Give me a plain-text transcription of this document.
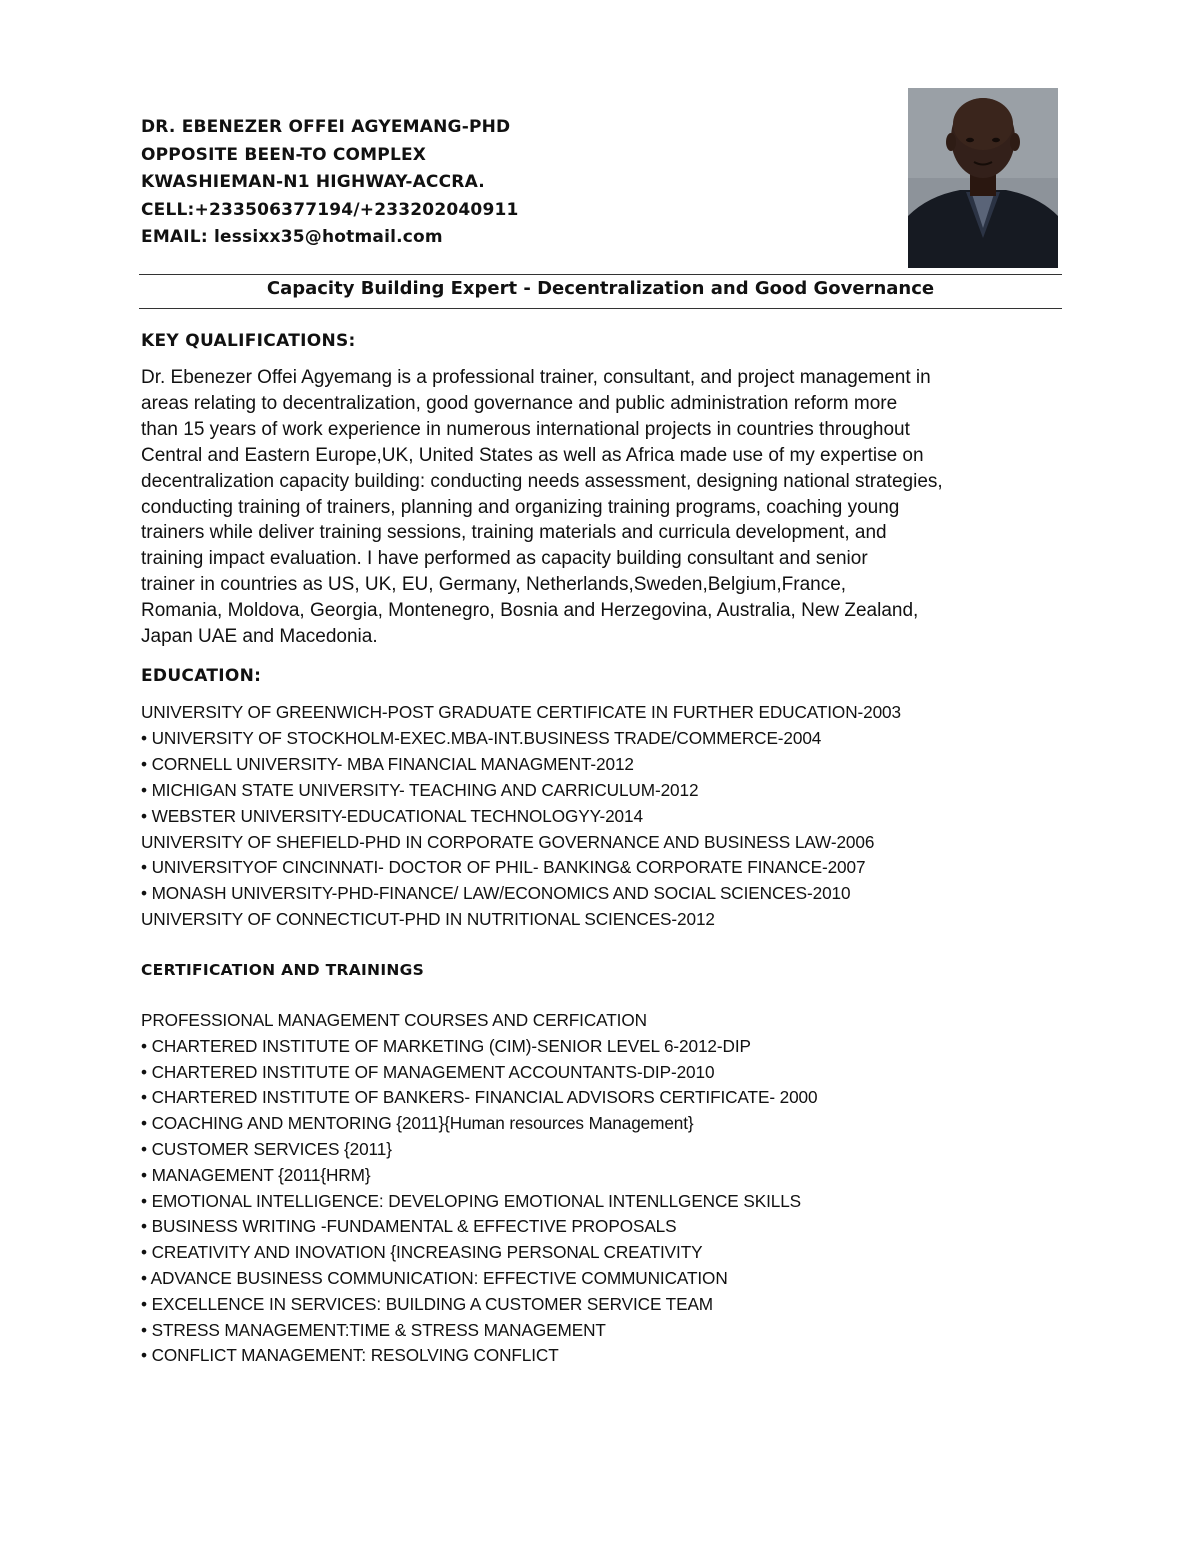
DR. EBENEZER OFFEI AGYEMANG-PHD
OPPOSITE BEEN-TO COMPLEX
KWASHIEMAN-N1 HIGHWAY-ACCRA.
CELL:+233506377194/+233202040911
EMAIL: lessixx35@hotmail.com
Capacity Building Expert - Decentralization and Good Governance
KEY QUALIFICATIONS:
Dr. Ebenezer Offei Agyemang is a professional trainer, consultant, and project management in
areas relating to decentralization, good governance and public administration reform more
than 15 years of work experience in numerous international projects in countries throughout
Central and Eastern Europe,UK, United States as well as Africa made use of my expertise on
decentralization capacity building: conducting needs assessment, designing national strategies,
conducting training of trainers, planning and organizing training programs, coaching young
trainers while deliver training sessions, training materials and curricula development, and
training impact evaluation. I have performed as capacity building consultant and senior
trainer in countries as US, UK, EU, Germany, Netherlands,Sweden,Belgium,France,
Romania, Moldova, Georgia, Montenegro, Bosnia and Herzegovina, Australia, New Zealand,
Japan UAE and Macedonia.
EDUCATION:
UNIVERSITY OF GREENWICH-POST GRADUATE CERTIFICATE IN FURTHER EDUCATION-2003
• UNIVERSITY OF STOCKHOLM-EXEC.MBA-INT.BUSINESS TRADE/COMMERCE-2004
• CORNELL UNIVERSITY- MBA FINANCIAL MANAGMENT-2012
• MICHIGAN STATE UNIVERSITY- TEACHING AND CARRICULUM-2012
• WEBSTER UNIVERSITY-EDUCATIONAL TECHNOLOGYY-2014
UNIVERSITY OF SHEFIELD-PHD IN CORPORATE GOVERNANCE AND BUSINESS LAW-2006
• UNIVERSITYOF CINCINNATI- DOCTOR OF PHIL- BANKING& CORPORATE FINANCE-2007
• MONASH UNIVERSITY-PHD-FINANCE/ LAW/ECONOMICS AND SOCIAL SCIENCES-2010
UNIVERSITY OF CONNECTICUT-PHD IN NUTRITIONAL SCIENCES-2012
CERTIFICATION AND TRAININGS
PROFESSIONAL MANAGEMENT COURSES AND CERFICATION
• CHARTERED INSTITUTE OF MARKETING (CIM)-SENIOR LEVEL 6-2012-DIP
• CHARTERED INSTITUTE OF MANAGEMENT ACCOUNTANTS-DIP-2010
• CHARTERED INSTITUTE OF BANKERS- FINANCIAL ADVISORS CERTIFICATE- 2000
• COACHING AND MENTORING {2011}{Human resources Management}
• CUSTOMER SERVICES {2011}
• MANAGEMENT {2011{HRM}
• EMOTIONAL INTELLIGENCE: DEVELOPING EMOTIONAL INTENLLGENCE SKILLS
• BUSINESS WRITING -FUNDAMENTAL & EFFECTIVE PROPOSALS
• CREATIVITY AND INOVATION {INCREASING PERSONAL CREATIVITY
• ADVANCE BUSINESS COMMUNICATION: EFFECTIVE COMMUNICATION
• EXCELLENCE IN SERVICES: BUILDING A CUSTOMER SERVICE TEAM
• STRESS MANAGEMENT:TIME & STRESS MANAGEMENT
• CONFLICT MANAGEMENT: RESOLVING CONFLICT
